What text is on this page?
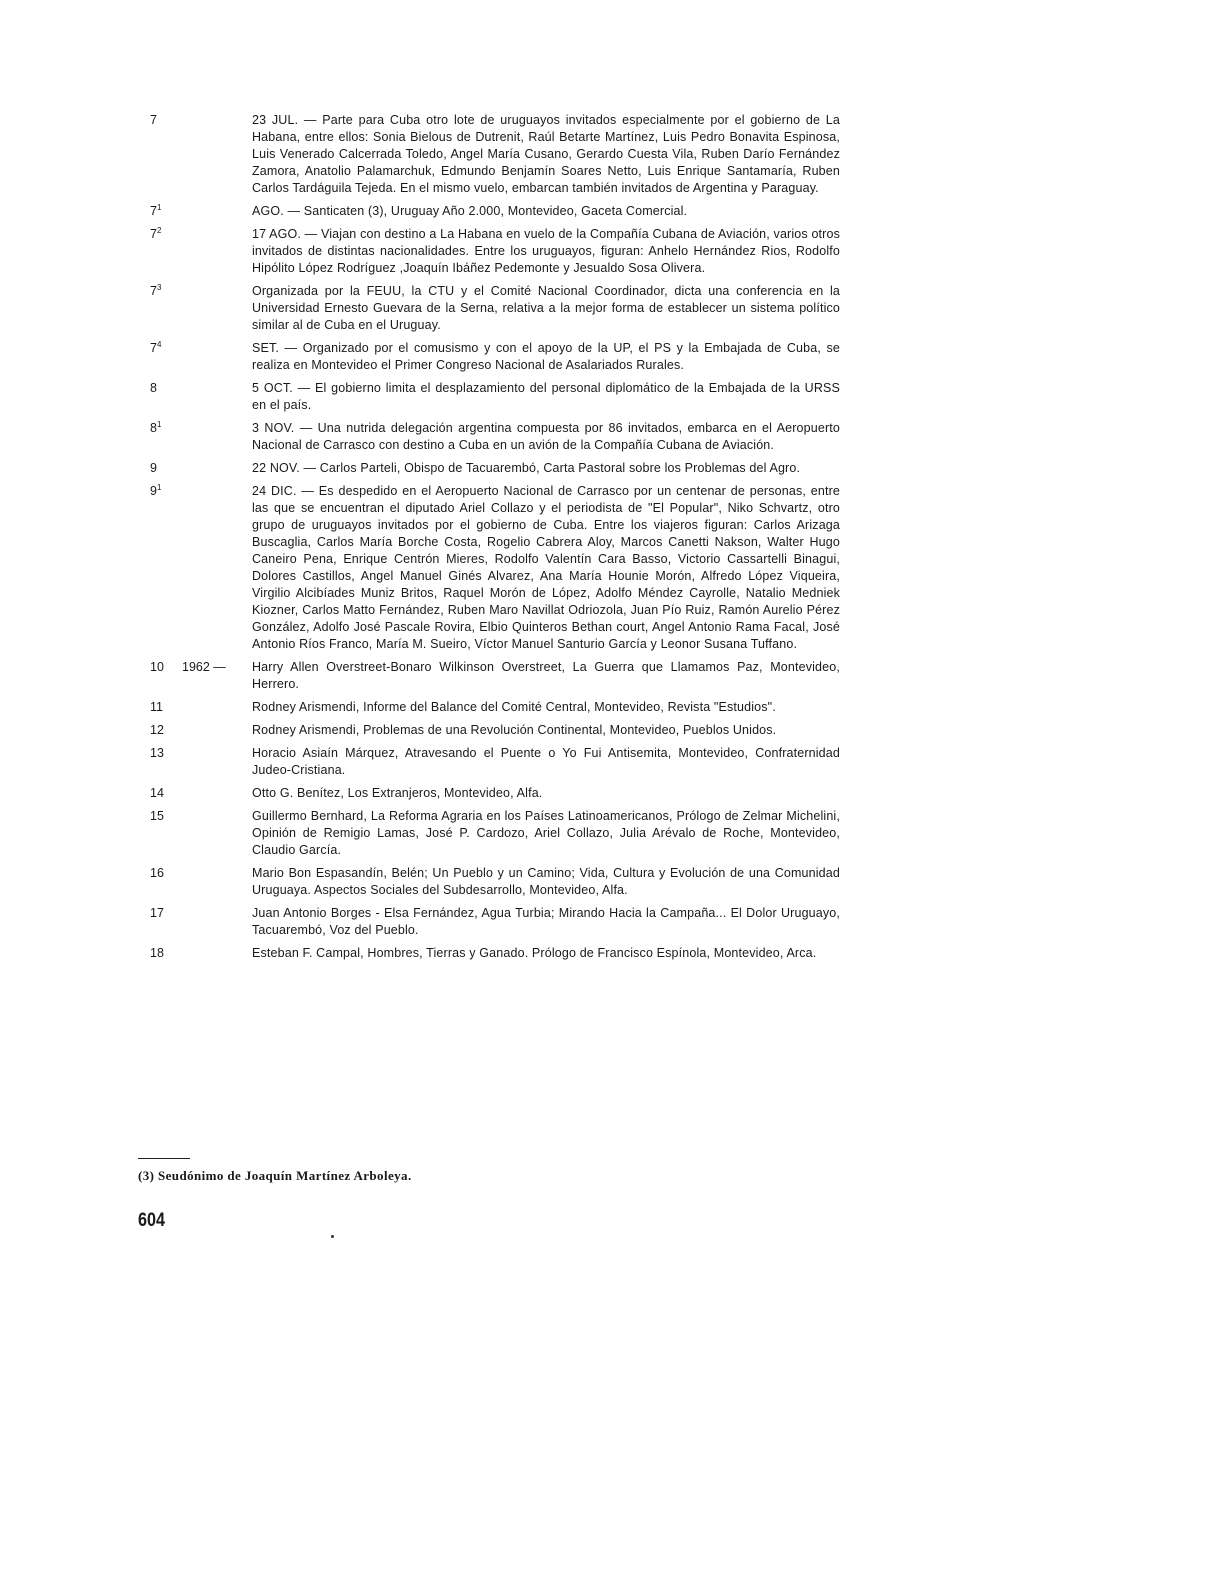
7	23 JUL. — Parte para Cuba otro lote de uruguayos invitados especialmente por el gobierno de La Habana, entre ellos: Sonia Bielous de Dutrenit, Raúl Betarte Martínez, Luis Pedro Bonavita Espinosa, Luis Venerado Calcerrada Toledo, Angel María Cusano, Gerardo Cuesta Vila, Ruben Darío Fernández Zamora, Anatolio Palamarchuk, Edmundo Benjamín Soares Netto, Luis Enrique Santamaría, Ruben Carlos Tardáguila Tejeda. En el mismo vuelo, embarcan también invitados de Argentina y Paraguay.
$7^1$	AGO. — Santicaten (3), Uruguay Año 2.000, Montevideo, Gaceta Comercial.
$7^2$	17 AGO. — Viajan con destino a La Habana en vuelo de la Compañía Cubana de Aviación, varios otros invitados de distintas nacionalidades. Entre los uruguayos, figuran: Anhelo Hernández Rios, Rodolfo Hipólito López Rodríguez ,Joaquín Ibáñez Pedemonte y Jesualdo Sosa Olivera.
$7^3$	Organizada por la FEUU, la CTU y el Comité Nacional Coordinador, dicta una conferencia en la Universidad Ernesto Guevara de la Serna, relativa a la mejor forma de establecer un sistema político similar al de Cuba en el Uruguay.
$7^4$	SET. — Organizado por el comusismo y con el apoyo de la UP, el PS y la Embajada de Cuba, se realiza en Montevideo el Primer Congreso Nacional de Asalariados Rurales.
8	5 OCT. — El gobierno limita el desplazamiento del personal diplomático de la Embajada de la URSS en el país.
$8^1$	3 NOV. — Una nutrida delegación argentina compuesta por 86 invitados, embarca en el Aeropuerto Nacional de Carrasco con destino a Cuba en un avión de la Compañía Cubana de Aviación.
9	22 NOV. — Carlos Parteli, Obispo de Tacuarembó, Carta Pastoral sobre los Problemas del Agro.
$9^1$	24 DIC. — Es despedido en el Aeropuerto Nacional de Carrasco por un centenar de personas, entre las que se encuentran el diputado Ariel Collazo y el periodista de "El Popular", Niko Schvartz, otro grupo de uruguayos invitados por el gobierno de Cuba. Entre los viajeros figuran: Carlos Arizaga Buscaglia, Carlos María Borche Costa, Rogelio Cabrera Aloy, Marcos Canetti Nakson, Walter Hugo Caneiro Pena, Enrique Centrón Mieres, Rodolfo Valentín Cara Basso, Victorio Cassartelli Binagui, Dolores Castillos, Angel Manuel Ginés Alvarez, Ana María Hounie Morón, Alfredo López Viqueira, Virgilio Alcibíades Muniz Britos, Raquel Morón de López, Adolfo Méndez Cayrolle, Natalio Medniek Kiozner, Carlos Matto Fernández, Ruben Maro Navillat Odriozola, Juan Pío Ruiz, Ramón Aurelio Pérez González, Adolfo José Pascale Rovira, Elbio Quinteros Bethan court, Angel Antonio Rama Facal, José Antonio Ríos Franco, María M. Sueiro, Víctor Manuel Santurio García y Leonor Susana Tuffano.
10	1962 —	Harry Allen Overstreet-Bonaro Wilkinson Overstreet, La Guerra que Llamamos Paz, Montevideo, Herrero.
11	Rodney Arismendi, Informe del Balance del Comité Central, Montevideo, Revista "Estudios".
12	Rodney Arismendi, Problemas de una Revolución Continental, Montevideo, Pueblos Unidos.
13	Horacio Asiaín Márquez, Atravesando el Puente o Yo Fui Antisemita, Montevideo, Confraternidad Judeo-Cristiana.
14	Otto G. Benítez, Los Extranjeros, Montevideo, Alfa.
15	Guillermo Bernhard, La Reforma Agraria en los Países Latinoamericanos, Prólogo de Zelmar Michelini, Opinión de Remigio Lamas, José P. Cardozo, Ariel Collazo, Julia Arévalo de Roche, Montevideo, Claudio García.
16	Mario Bon Espasandín, Belén; Un Pueblo y un Camino; Vida, Cultura y Evolución de una Comunidad Uruguaya. Aspectos Sociales del Subdesarrollo, Montevideo, Alfa.
17	Juan Antonio Borges - Elsa Fernández, Agua Turbia; Mirando Hacia la Campaña... El Dolor Uruguayo, Tacuarembó, Voz del Pueblo.
18	Esteban F. Campal, Hombres, Tierras y Ganado. Prólogo de Francisco Espínola, Montevideo, Arca.
(3) Seudónimo de Joaquín Martínez Arboleya.
604
